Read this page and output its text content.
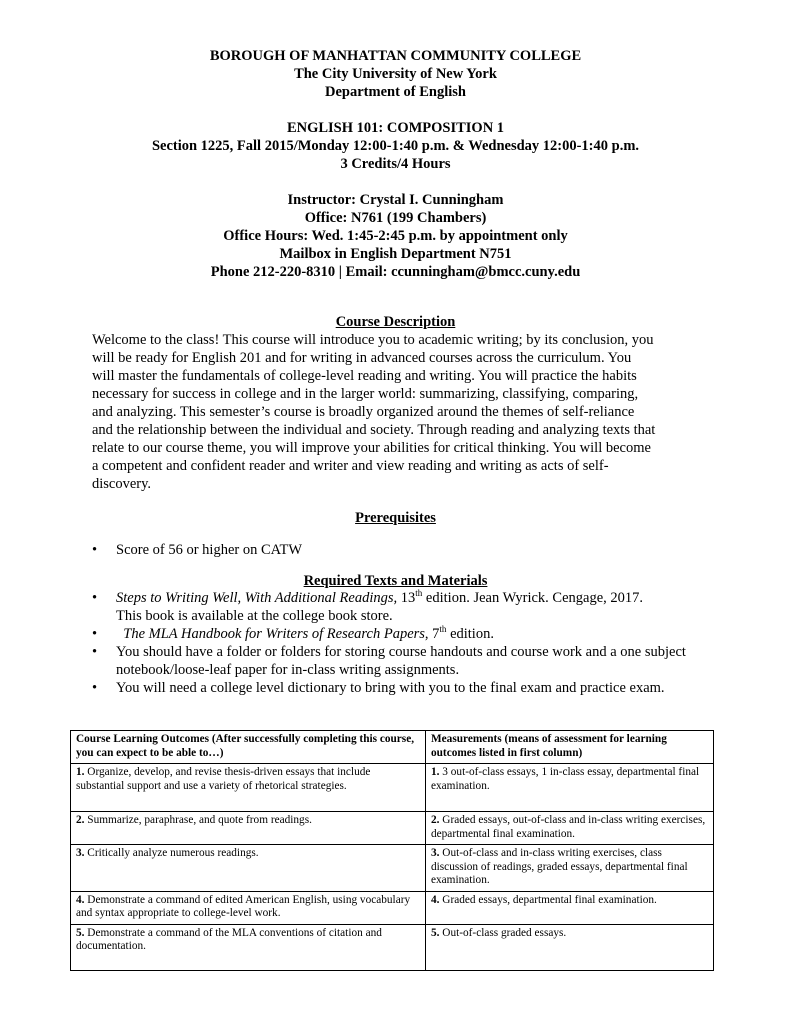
BOROUGH OF MANHATTAN COMMUNITY COLLEGE
The City University of New York
Department of English
ENGLISH 101: COMPOSITION 1
Section 1225, Fall 2015/Monday 12:00-1:40 p.m. & Wednesday 12:00-1:40 p.m.
3 Credits/4 Hours
Instructor: Crystal I. Cunningham
Office: N761 (199 Chambers)
Office Hours: Wed. 1:45-2:45 p.m. by appointment only
Mailbox in English Department N751
Phone 212-220-8310 | Email: ccunningham@bmcc.cuny.edu
Course Description
Welcome to the class! This course will introduce you to academic writing; by its conclusion, you
will be ready for English 201 and for writing in advanced courses across the curriculum. You
will master the fundamentals of college-level reading and writing. You will practice the habits
necessary for success in college and in the larger world: summarizing, classifying, comparing,
and analyzing. This semester’s course is broadly organized around the themes of self-reliance
and the relationship between the individual and society. Through reading and analyzing texts that
relate to our course theme, you will improve your abilities for critical thinking. You will become
a competent and confident reader and writer and view reading and writing as acts of self-
discovery.
Prerequisites
• Score of 56 or higher on CATW
Required Texts and Materials
• Steps to Writing Well, With Additional Readings, 13th edition. Jean Wyrick. Cengage, 2017.
This book is available at the college book store.
•   The MLA Handbook for Writers of Research Papers, 7th edition.
• You should have a folder or folders for storing course handouts and course work and a one subject notebook/loose-leaf paper for in-class writing assignments.
• You will need a college level dictionary to bring with you to the final exam and practice exam.
Course Learning Outcomes (After successfully completing this course, you can expect to be able to…)	Measurements (means of assessment for learning outcomes listed in first column)
1. Organize, develop, and revise thesis-driven essays that include substantial support and use a variety of rhetorical strategies.	1. 3 out-of-class essays, 1 in-class essay, departmental final examination.
2. Summarize, paraphrase, and quote from readings.	2. Graded essays, out-of-class and in-class writing exercises, departmental final examination.
3. Critically analyze numerous readings.	3. Out-of-class and in-class writing exercises, class discussion of readings, graded essays, departmental final examination.
4. Demonstrate a command of edited American English, using vocabulary and syntax appropriate to college-level work.	4. Graded essays, departmental final examination.
5. Demonstrate a command of the MLA conventions of citation and documentation.	5. Out-of-class graded essays.
